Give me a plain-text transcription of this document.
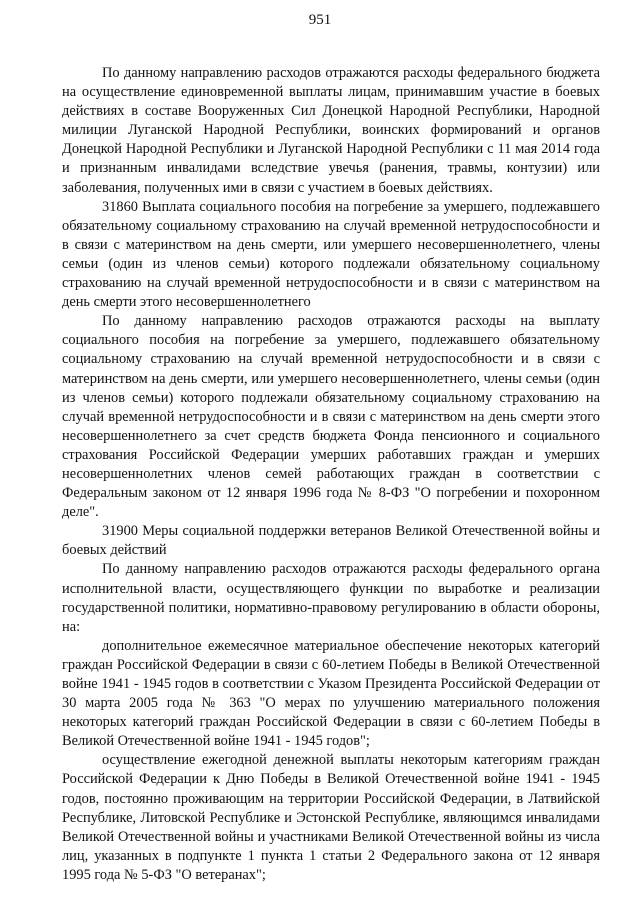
951

По данному направлению расходов отражаются расходы федерального бюджета на осуществление единовременной выплаты лицам, принимавшим участие в боевых действиях в составе Вооруженных Сил Донецкой Народной Республики, Народной милиции Луганской Народной Республики, воинских формирований и органов Донецкой Народной Республики и Луганской Народной Республики с 11 мая 2014 года и признанным инвалидами вследствие увечья (ранения, травмы, контузии) или заболевания, полученных ими в связи с участием в боевых действиях.

31860 Выплата социального пособия на погребение за умершего, подлежавшего обязательному социальному страхованию на случай временной нетрудоспособности и в связи с материнством на день смерти, или умершего несовершеннолетнего, члены семьи (один из членов семьи) которого подлежали обязательному социальному страхованию на случай временной нетрудоспособности и в связи с материнством на день смерти этого несовершеннолетнего

По данному направлению расходов отражаются расходы на выплату социального пособия на погребение за умершего, подлежавшего обязательному социальному страхованию на случай временной нетрудоспособности и в связи с материнством на день смерти, или умершего несовершеннолетнего, члены семьи (один из членов семьи) которого подлежали обязательному социальному страхованию на случай временной нетрудоспособности и в связи с материнством на день смерти этого несовершеннолетнего за счет средств бюджета Фонда пенсионного и социального страхования Российской Федерации умерших работавших граждан и умерших несовершеннолетних членов семей работающих граждан в соответствии с Федеральным законом от 12 января 1996 года № 8-ФЗ "О погребении и похоронном деле".

31900 Меры социальной поддержки ветеранов Великой Отечественной войны и боевых действий

По данному направлению расходов отражаются расходы федерального органа исполнительной власти, осуществляющего функции по выработке и реализации государственной политики, нормативно-правовому регулированию в области обороны, на:

дополнительное ежемесячное материальное обеспечение некоторых категорий граждан Российской Федерации в связи с 60-летием Победы в Великой Отечественной войне 1941 - 1945 годов в соответствии с Указом Президента Российской Федерации от 30 марта 2005 года № 363 "О мерах по улучшению материального положения некоторых категорий граждан Российской Федерации в связи с 60-летием Победы в Великой Отечественной войне 1941 - 1945 годов";

осуществление ежегодной денежной выплаты некоторым категориям граждан Российской Федерации к Дню Победы в Великой Отечественной войне 1941 - 1945 годов, постоянно проживающим на территории Российской Федерации, в Латвийской Республике, Литовской Республике и Эстонской Республике, являющимся инвалидами Великой Отечественной войны и участниками Великой Отечественной войны из числа лиц, указанных в подпункте 1 пункта 1 статьи 2 Федерального закона от 12 января 1995 года № 5-ФЗ "О ветеранах";
